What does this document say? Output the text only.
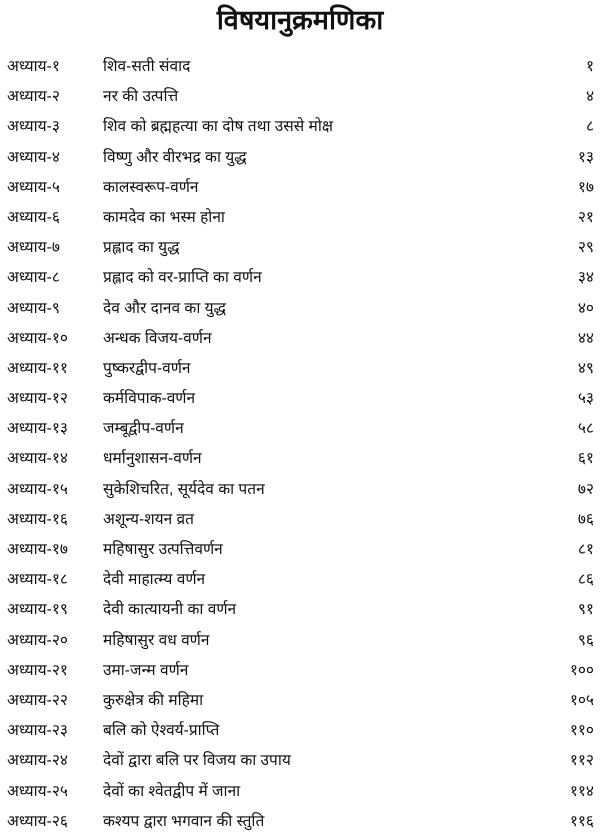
विषयानुक्रमणिका
अध्याय-१	शिव-सती संवाद	१
अध्याय-२	नर की उत्पत्ति	४
अध्याय-३	शिव को ब्रह्महत्या का दोष तथा उससे मोक्ष	८
अध्याय-४	विष्णु और वीरभद्र का युद्ध	१३
अध्याय-५	कालस्वरूप-वर्णन	१७
अध्याय-६	कामदेव का भस्म होना	२१
अध्याय-७	प्रह्लाद का युद्ध	२९
अध्याय-८	प्रह्लाद को वर-प्राप्ति का वर्णन	३४
अध्याय-९	देव और दानव का युद्ध	४०
अध्याय-१० अन्धक विजय-वर्णन	४४
अध्याय-११ पुष्करद्वीप-वर्णन	४९
अध्याय-१२ कर्मविपाक-वर्णन	५३
अध्याय-१३ जम्बूद्वीप-वर्णन	५८
अध्याय-१४ धर्मानुशासन-वर्णन	६१
अध्याय-१५ सुकेशिचरित, सूर्यदेव का पतन	७२
अध्याय-१६ अशून्य-शयन व्रत	७६
अध्याय-१७ महिषासुर उत्पत्तिवर्णन	८१
अध्याय-१८ देवी माहात्म्य वर्णन	८६
अध्याय-१९ देवी कात्यायनी का वर्णन	९१
अध्याय-२० महिषासुर वध वर्णन	९६
अध्याय-२१ उमा-जन्म वर्णन	१००
अध्याय-२२ कुरुक्षेत्र की महिमा	१०५
अध्याय-२३ बलि को ऐश्वर्य-प्राप्ति	११०
अध्याय-२४ देवों द्वारा बलि पर विजय का उपाय	११२
अध्याय-२५ देवों का श्वेतद्वीप में जाना	११४
अध्याय-२६ कश्यप द्वारा भगवान की स्तुति	११६
